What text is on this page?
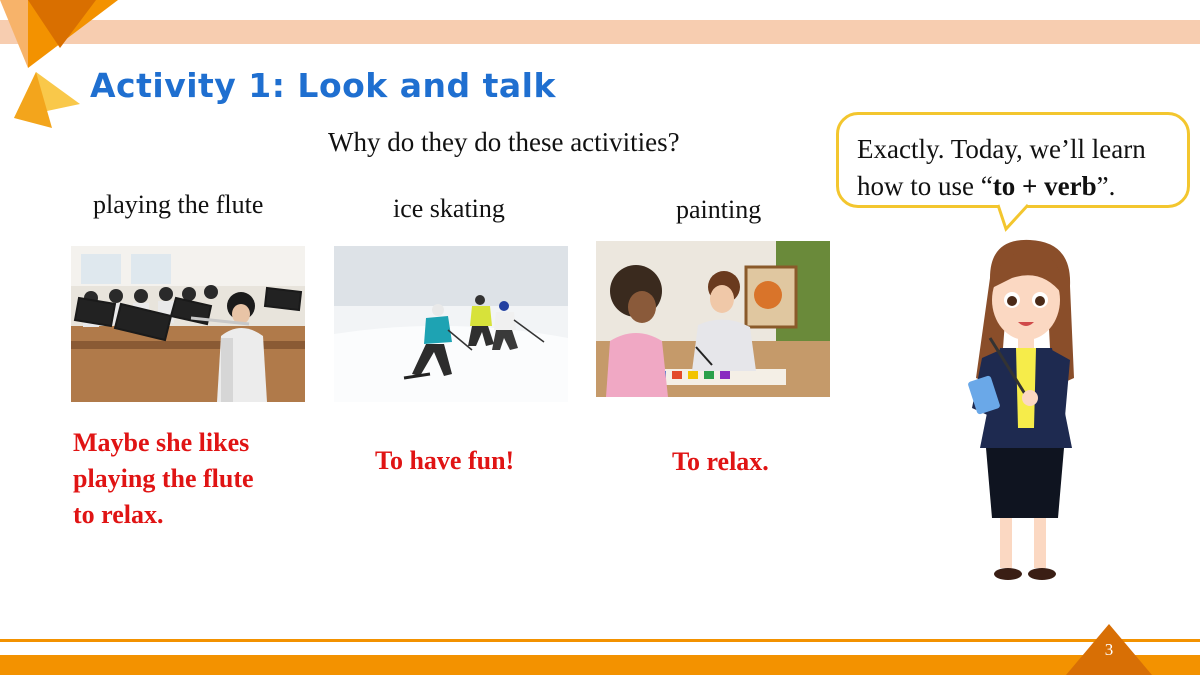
Activity 1: Look and talk
Why do they do these activities?
playing the flute	ice skating	painting
Maybe she likes
playing the flute
to relax.
To have fun!	To relax.
Exactly. Today, we’ll learn
how to use “to + verb”.
3
